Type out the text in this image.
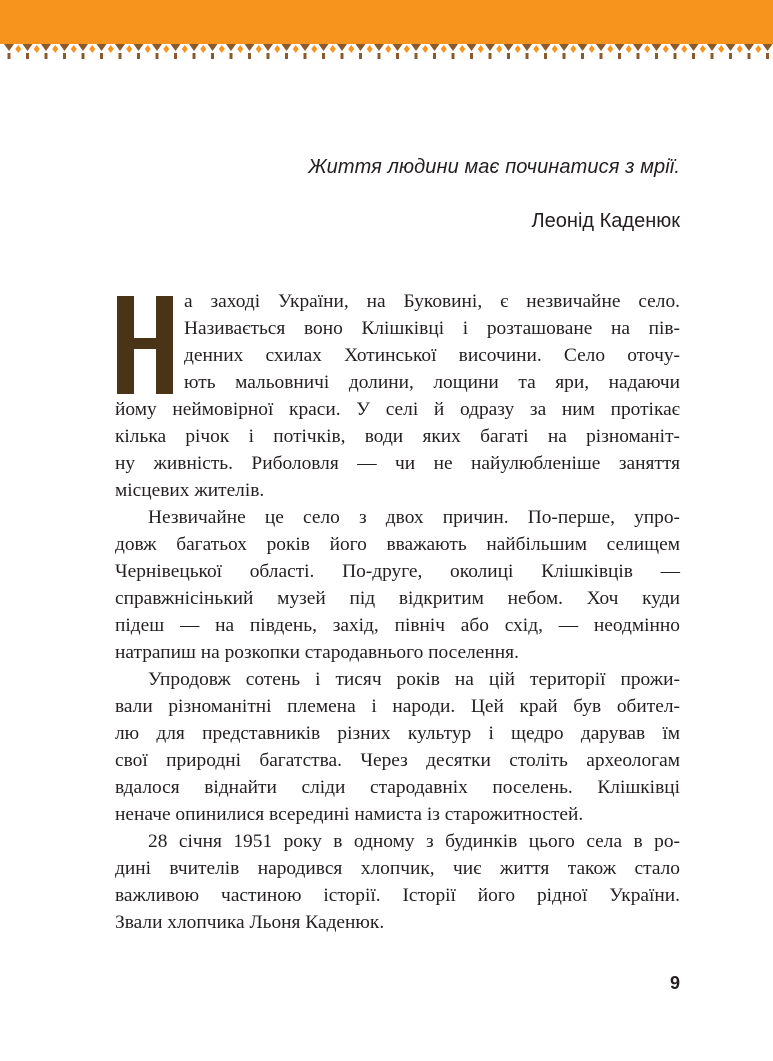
Життя людини має починатися з мрії.
Леонід Каденюк
а заході України, на Буковині, є незвичайне село.
Називається воно Клішківці і розташоване на пів-
денних схилах Хотинської височини. Село оточу-
ють мальовничі долини, лощини та яри, надаючи
йому неймовірної краси. У селі й одразу за ним протікає
кілька річок і потічків, води яких багаті на різноманіт-
ну живність. Риболовля — чи не найулюбленіше заняття
місцевих жителів.
Незвичайне це село з двох причин. По-перше, упро-
довж багатьох років його вважають найбільшим селищем
Чернівецької області. По-друге, околиці Клішківців —
справжнісінький музей під відкритим небом. Хоч куди
підеш — на південь, захід, північ або схід, — неодмінно
натрапиш на розкопки стародавнього поселення.
Упродовж сотень і тисяч років на цій території прожи-
вали різноманітні племена і народи. Цей край був обител-
лю для представників різних культур і щедро дарував їм
свої природні багатства. Через десятки століть археологам
вдалося віднайти сліди стародавніх поселень. Клішківці
неначе опинилися всередині намиста із старожитностей.
28 січня 1951 року в одному з будинків цього села в ро-
дині вчителів народився хлопчик, чиє життя також стало
важливою частиною історії. Історії його рідної України.
Звали хлопчика Льоня Каденюк.
9
